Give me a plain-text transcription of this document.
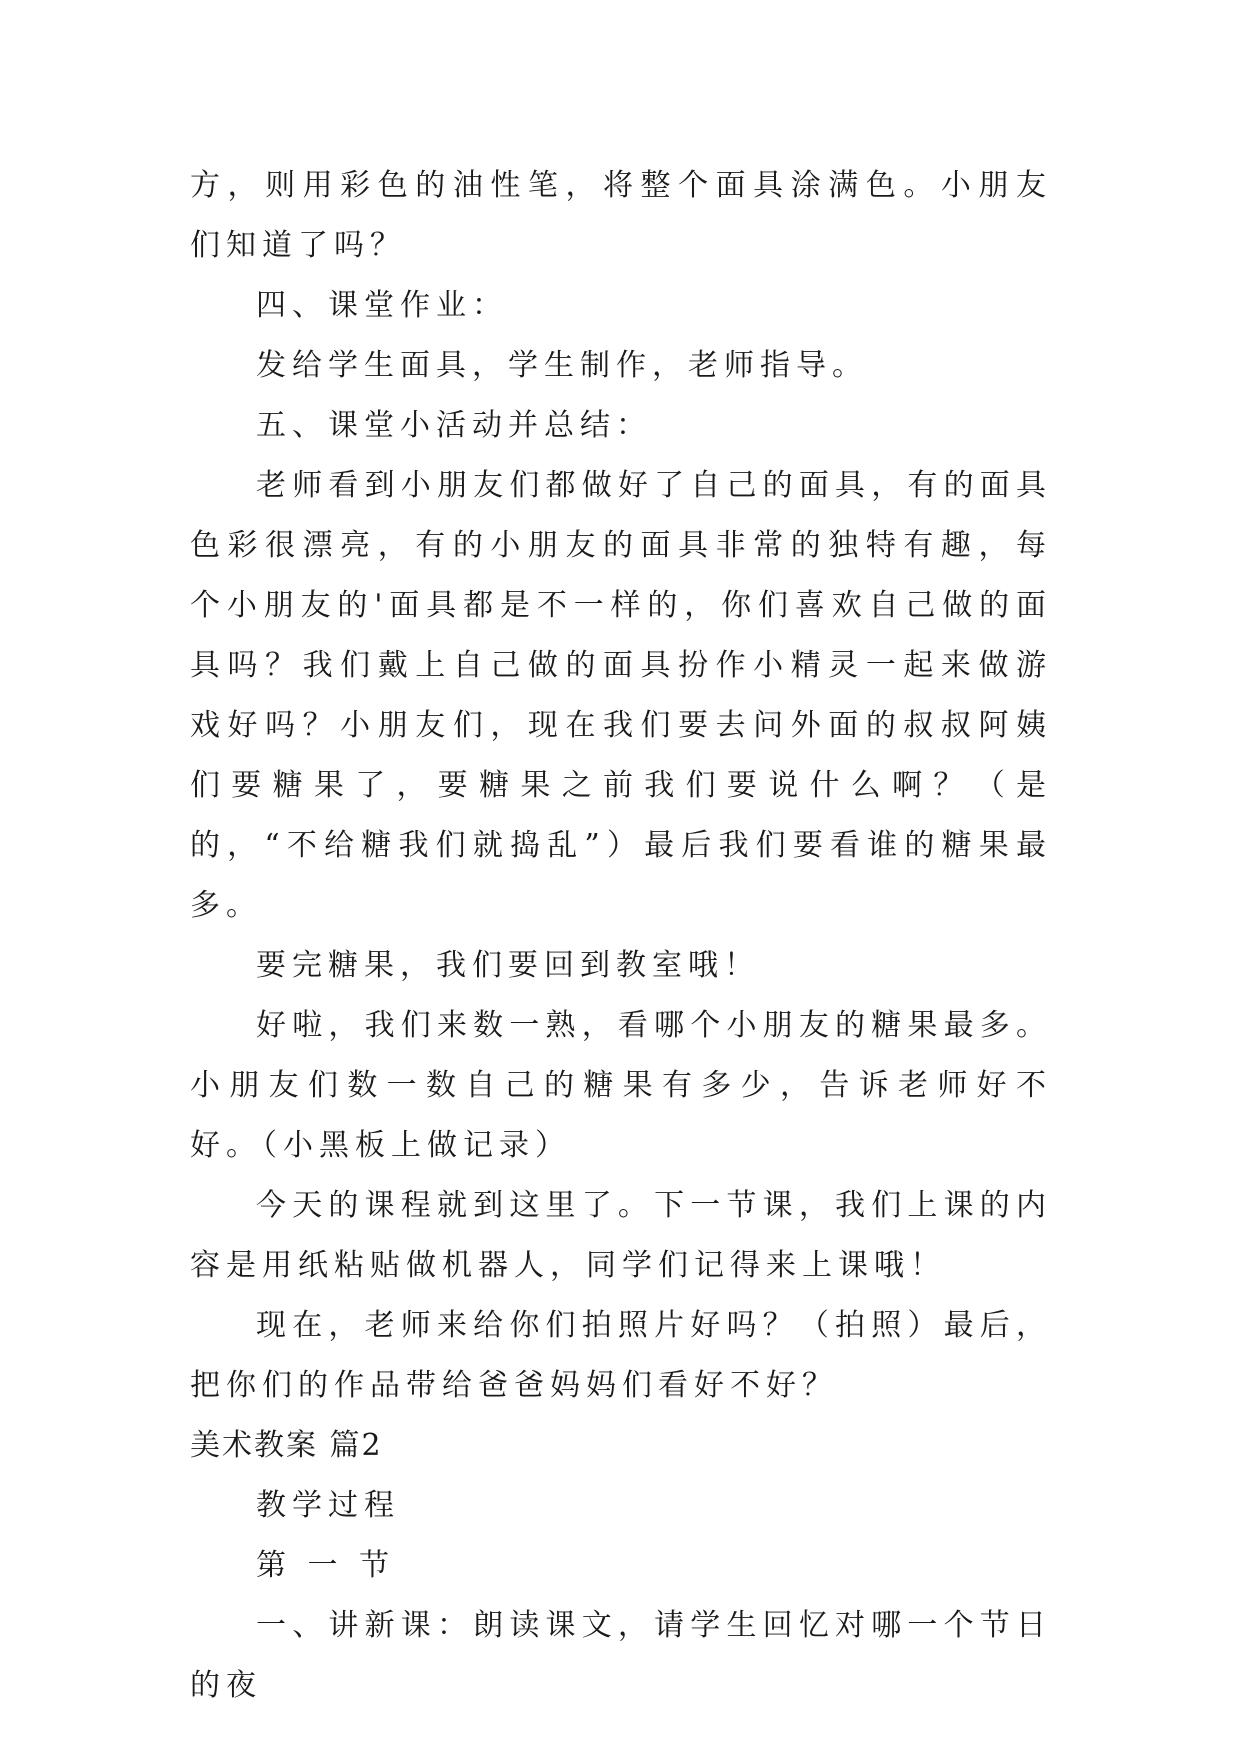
方，则用彩色的油性笔，将整个面具涂满色。小朋友们知道了吗？

四、课堂作业：

发给学生面具，学生制作，老师指导。

五、课堂小活动并总结：

老师看到小朋友们都做好了自己的面具，有的面具色彩很漂亮，有的小朋友的面具非常的独特有趣，每个小朋友的'面具都是不一样的，你们喜欢自己做的面具吗？我们戴上自己做的面具扮作小精灵一起来做游戏好吗？小朋友们，现在我们要去问外面的叔叔阿姨们要糖果了，要糖果之前我们要说什么啊？（是的，“不给糖我们就捣乱”）最后我们要看谁的糖果最多。

要完糖果，我们要回到教室哦！

好啦，我们来数一熟，看哪个小朋友的糖果最多。小朋友们数一数自己的糖果有多少，告诉老师好不好。（小黑板上做记录）

今天的课程就到这里了。下一节课，我们上课的内容是用纸粘贴做机器人，同学们记得来上课哦！

现在，老师来给你们拍照片好吗？（拍照）最后，把你们的作品带给爸爸妈妈们看好不好？

美术教案 篇2

教学过程

第 一 节

一、讲新课：朗读课文，请学生回忆对哪一个节日的夜
